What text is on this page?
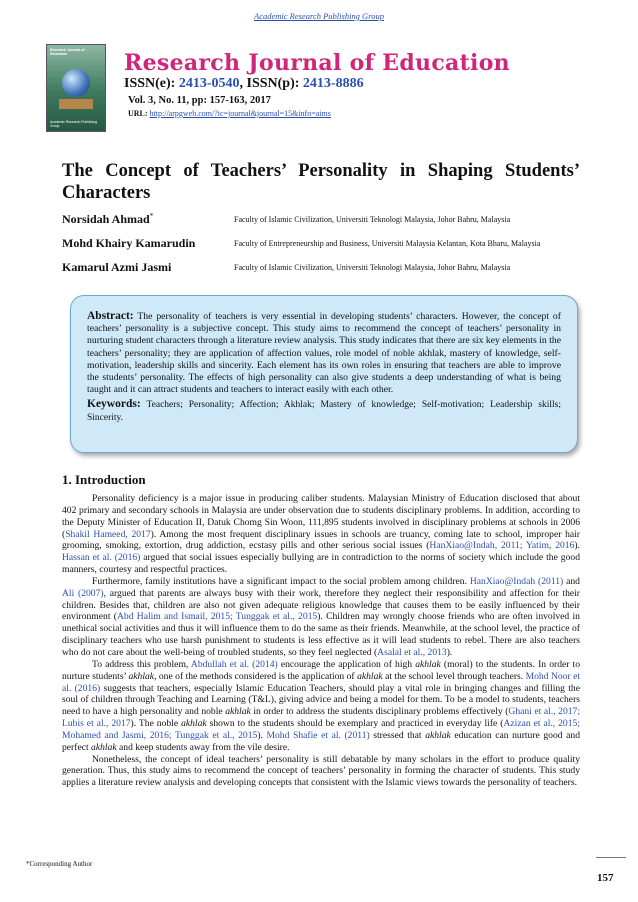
Academic Research Publishing Group
Research Journal of Education
Academic Research Publishing Group
Research Journal of Education
ISSN(e): 2413-0540, ISSN(p): 2413-8886
Vol. 3, No. 11, pp: 157-163, 2017
URL: http://arpgweb.com/?ic=journal&journal=15&info=aims
The Concept of Teachers’ Personality in Shaping Students’ Characters
Norsidah Ahmad*	Faculty of Islamic Civilization, Universiti Teknologi Malaysia, Johor Bahru, Malaysia
Mohd Khairy Kamarudin	Faculty of Entrepreneurship and Business, Universiti Malaysia Kelantan, Kota Bharu, Malaysia
Kamarul Azmi Jasmi	Faculty of Islamic Civilization, Universiti Teknologi Malaysia, Johor Bahru, Malaysia
Abstract: The personality of teachers is very essential in developing students’ characters. However, the concept of teachers’ personality is a subjective concept. This study aims to recommend the concept of teachers’ personality in nurturing student characters through a literature review analysis. This study indicates that there are six key elements in the teachers’ personality; they are application of affection values, role model of noble akhlak, mastery of knowledge, self-motivation, leadership skills and sincerity. Each element has its own roles in ensuring that teachers are able to improve the students’ personality. The effects of high personality can also give students a deep understanding of what is being taught and it can attract students and teachers to interact easily with each other.
Keywords: Teachers; Personality; Affection; Akhlak; Mastery of knowledge; Self-motivation; Leadership skills; Sincerity.
1. Introduction

Personality deficiency is a major issue in producing caliber students. Malaysian Ministry of Education disclosed that about 402 primary and secondary schools in Malaysia are under observation due to students disciplinary problems. In addition, according to the Deputy Minister of Education II, Datuk Chomg Sin Woon, 111,895 students involved in disciplinary problems at schools in 2006 (Shakil Hameed, 2017). Among the most frequent disciplinary issues in schools are truancy, coming late to school, improper hair grooming, smoking, extortion, drug addiction, ecstasy pills and other serious social issues (HanXiao@Indah, 2011; Yatim, 2016). Hassan et al. (2016) argued that social issues especially bullying are in contradiction to the norms of society which include the good manners, courtesy and respectful practices.

Furthermore, family institutions have a significant impact to the social problem among children. HanXiao@Indah (2011) and Ali (2007), argued that parents are always busy with their work, therefore they neglect their responsibility and affection for their children. Besides that, children are also not given adequate religious knowledge that causes them to be easily influenced by their environment (Abd Halim and Ismail, 2015; Tunggak et al., 2015). Children may wrongly choose friends who are often involved in unethical social activities and thus it will influence them to do the same as their friends. Meanwhile, at the school level, the practice of disciplinary teachers who use harsh punishment to students is less effective as it will lead students to rebel. There are also teachers who do not care about the well-being of troubled students, so they feel neglected (Asalal et al., 2013).

To address this problem, Abdullah et al. (2014) encourage the application of high akhlak (moral) to the students. In order to nurture students’ akhlak, one of the methods considered is the application of akhlak at the school level through teachers. Mohd Noor et al. (2016) suggests that teachers, especially Islamic Education Teachers, should play a vital role in bringing changes and filling the soul of children through Teaching and Learning (T&L), giving advice and being a model for them. To be a model to students, teachers need to have a high personality and noble akhlak in order to address the students disciplinary problems effectively (Ghani et al., 2017; Lubis et al., 2017). The noble akhlak shown to the students should be exemplary and practiced in everyday life (Azizan et al., 2015; Mohamed and Jasmi, 2016; Tunggak et al., 2015). Mohd Shafie et al. (2011) stressed that akhlak education can nurture good and perfect akhlak and keep students away from the vile desire.

Nonetheless, the concept of ideal teachers’ personality is still debatable by many scholars in the effort to produce quality generation. Thus, this study aims to recommend the concept of teachers’ personality in forming the character of students. This study applies a literature review analysis and developing concepts that consistent with the Islamic views towards the personality of teachers.

*Corresponding Author
157
